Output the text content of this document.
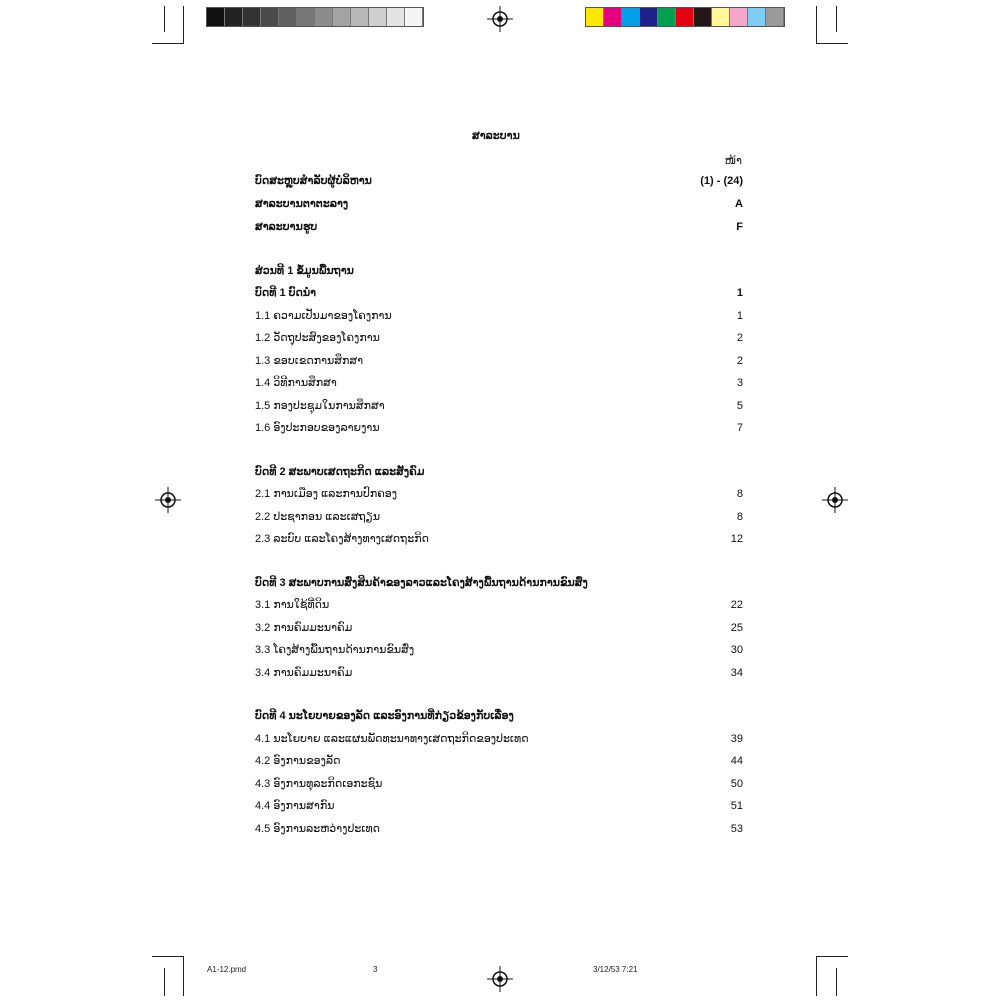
ສາລະບານ
ໜ້າ
ບົດສະຫຼຸບສຳລັບຜູ້ບໍລິຫານ	(1) - (24)
ສາລະບານຕາຕະລາງ	A
ສາລະບານຮູບ	F
ສ່ວນທີ 1 ຂໍ້ມູນພື້ນຖານ
ບົດທີ 1 ບົດນຳ	1
1.1 ຄວາມເປັນມາຂອງໂຄງການ	1
1.2 ວັດຖຸປະສົງຂອງໂຄງການ	2
1.3 ຂອບເຂດການສຶກສາ	2
1.4 ວິທີການສຶກສາ	3
1.5 ກອງປະຊຸມໃນການສຶກສາ	5
1.6 ອົງປະກອບຂອງລາຍງານ	7
ບົດທີ 2 ສະພາບເສດຖະກິດ ແລະສັງຄົມ
2.1 ການເມືອງ ແລະການປົກຄອງ	8
2.2 ປະຊາກອນ ແລະເສຖຽນ	8
2.3 ລະບົບ ແລະໂຄງສ້າງທາງເສດຖະກິດ	12
ບົດທີ 3 ສະພາບການສົ່ງສິນຄ້າຂອງລາວແລະໂຄງສ້າງພື້ນຖານດ້ານການຂົນສົ່ງ
3.1 ການໃຊ້ທີ່ດິນ	22
3.2 ການຄົມມະນາຄົມ	25
3.3 ໂຄງສ້າງພື້ນຖານດ້ານການຂົນສົ່ງ	30
3.4 ການຄົມມະນາຄົມ	34
ບົດທີ 4 ນະໂຍບາຍຂອງລັດ ແລະອົງການທີ່ກ່ຽວຂ້ອງກັບເລື່ອງ
4.1 ນະໂຍບາຍ ແລະແຜນພັດທະນາທາງເສດຖະກິດຂອງປະເທດ	39
4.2 ອົງການຂອງລັດ	44
4.3 ອົງການທຸລະກິດເອກະຊົນ	50
4.4 ອົງການສາກົນ	51
4.5 ອົງການລະຫວ່າງປະເທດ	53
A1-12.pmd	3	3/12/53 7:21
